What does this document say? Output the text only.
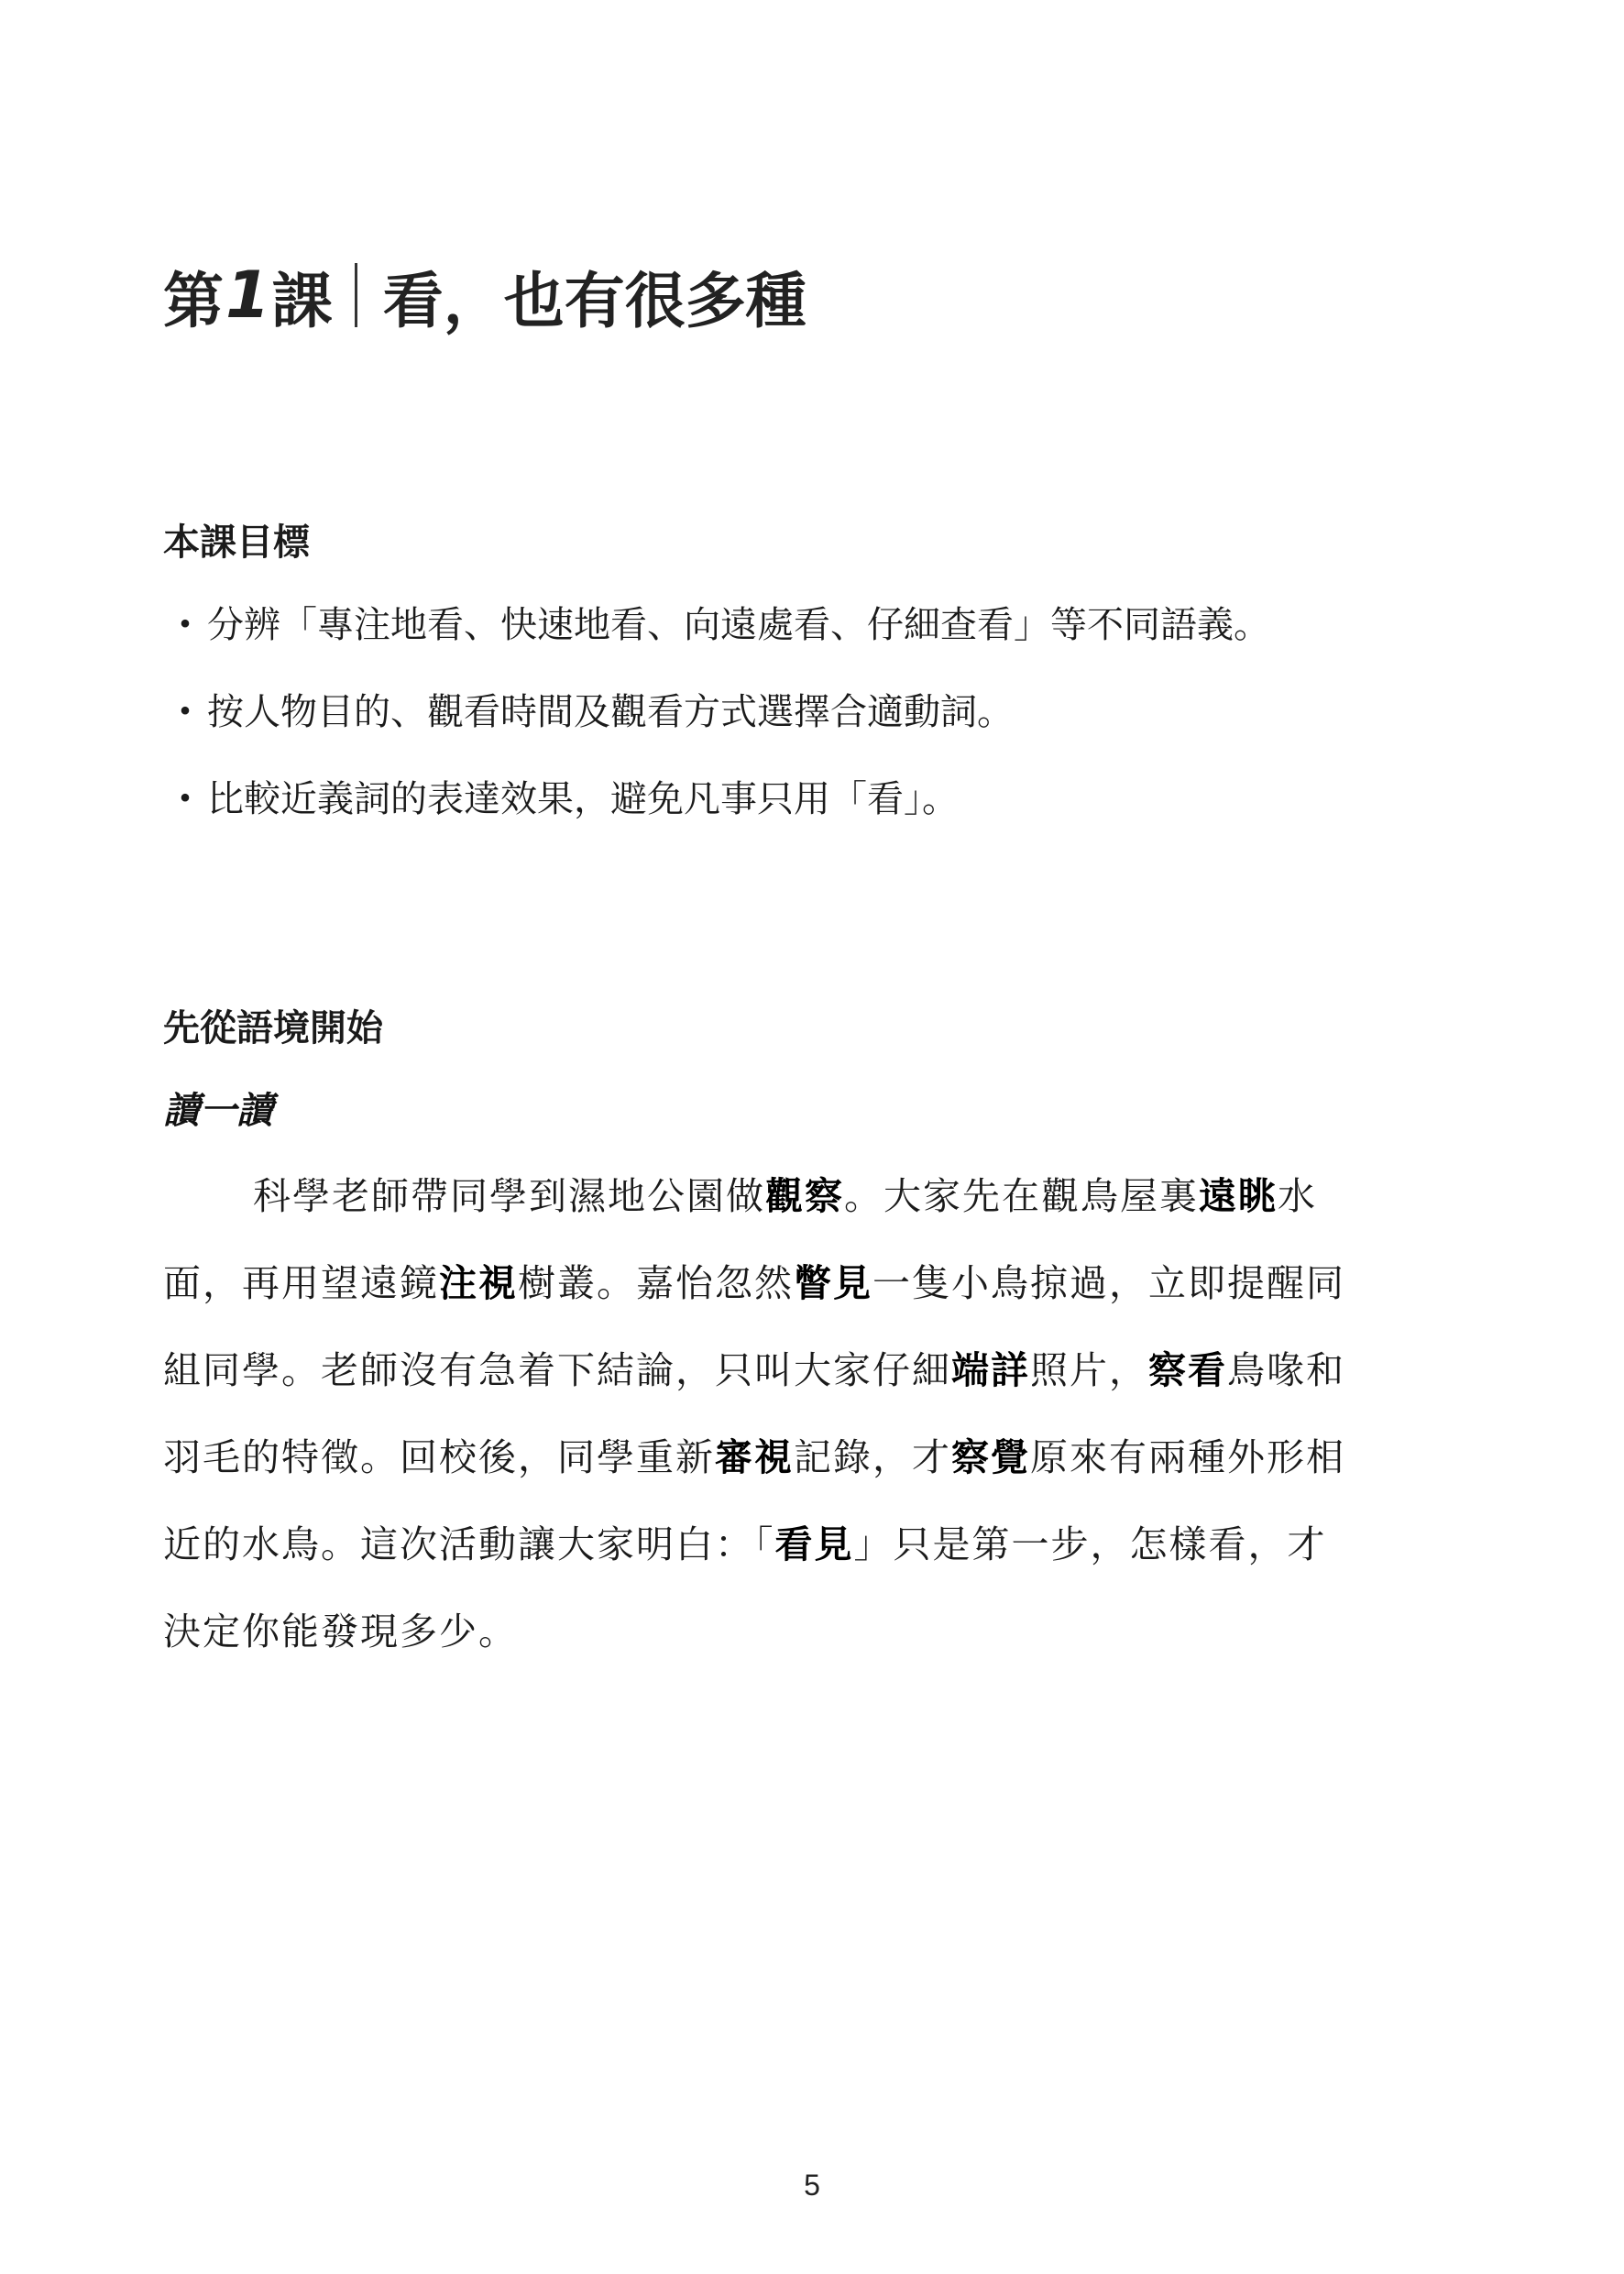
第 1 課 看，也有很多種
本課目標
・ 分辨「專注地看、快速地看、向遠處看、仔細查看」等不同語義。
・ 按人物目的、觀看時間及觀看方式選擇合適動詞。
・ 比較近義詞的表達效果，避免凡事只用「看」。
先從語境開始
讀一讀
科學老師帶同學到濕地公園做觀察。大家先在觀鳥屋裏遠眺水
面，再用望遠鏡注視樹叢。嘉怡忽然瞥見一隻小鳥掠過，立即提醒同
組同學。老師沒有急着下結論，只叫大家仔細端詳照片，察看鳥喙和
羽毛的特徵。回校後，同學重新審視記錄，才察覺原來有兩種外形相
近的水鳥。這次活動讓大家明白：「看見」只是第一步，怎樣看，才
決定你能發現多少。
5
